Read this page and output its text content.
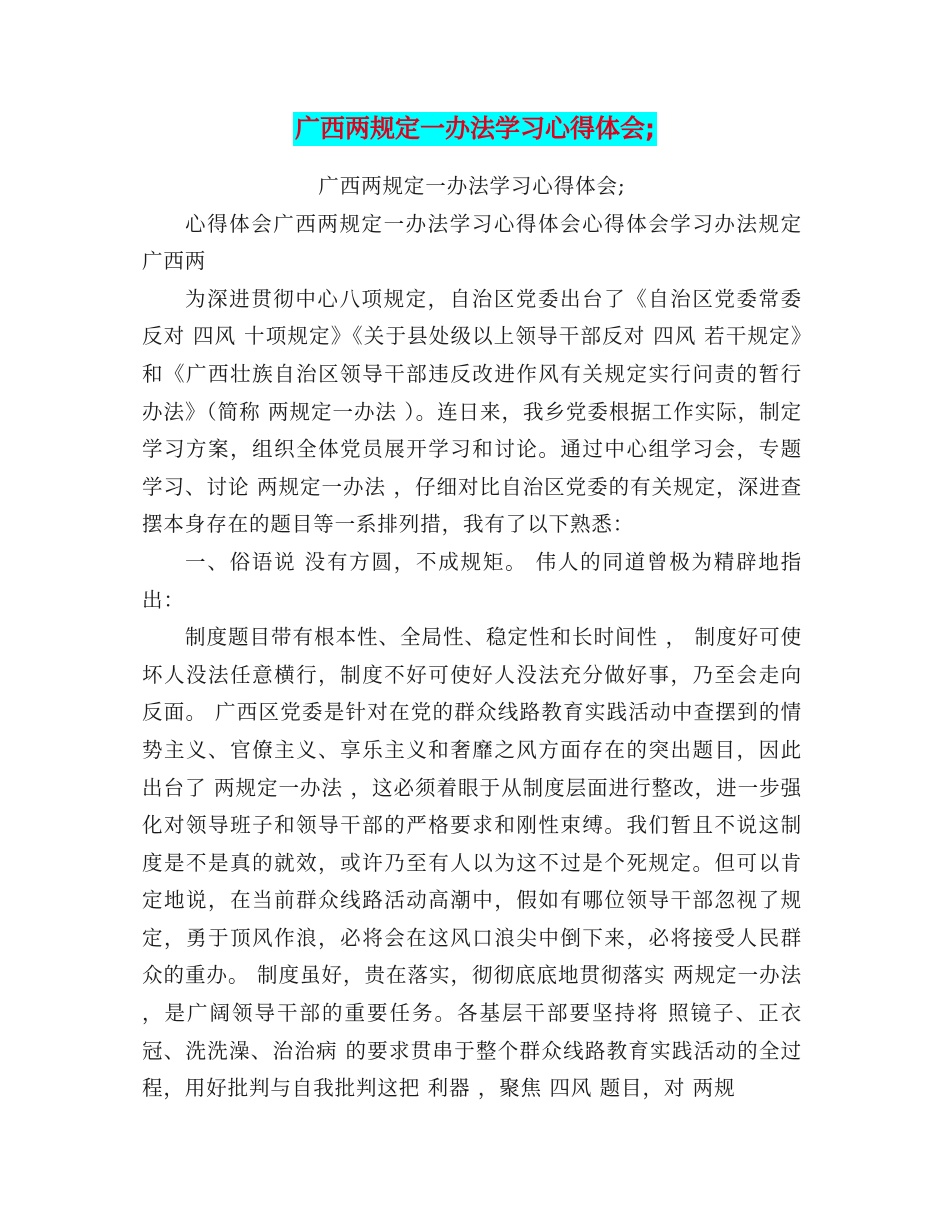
广西两规定一办法学习心得体会;

广西两规定一办法学习心得体会;

心得体会广西两规定一办法学习心得体会心得体会学习办法规定广西两

为深进贯彻中心八项规定，自治区党委出台了《自治区党委常委反对 四风 十项规定》《关于县处级以上领导干部反对 四风 若干规定》和《广西壮族自治区领导干部违反改进作风有关规定实行问责的暂行办法》（简称 两规定一办法 ）。连日来，我乡党委根据工作实际，制定学习方案，组织全体党员展开学习和讨论。通过中心组学习会，专题学习、讨论 两规定一办法 ，仔细对比自治区党委的有关规定，深进查摆本身存在的题目等一系排列措，我有了以下熟悉：

一、俗语说 没有方圆，不成规矩。 伟人的同道曾极为精辟地指出：

制度题目带有根本性、全局性、稳定性和长时间性 ， 制度好可使坏人没法任意横行，制度不好可使好人没法充分做好事，乃至会走向反面。 广西区党委是针对在党的群众线路教育实践活动中查摆到的情势主义、官僚主义、享乐主义和奢靡之风方面存在的突出题目，因此出台了 两规定一办法 ，这必须着眼于从制度层面进行整改，进一步强化对领导班子和领导干部的严格要求和刚性束缚。我们暂且不说这制度是不是真的就效，或许乃至有人以为这不过是个死规定。但可以肯定地说，在当前群众线路活动高潮中，假如有哪位领导干部忽视了规定，勇于顶风作浪，必将会在这风口浪尖中倒下来，必将接受人民群众的重办。 制度虽好，贵在落实，彻彻底底地贯彻落实 两规定一办法 ，是广阔领导干部的重要任务。各基层干部要坚持将 照镜子、正衣冠、洗洗澡、治治病 的要求贯串于整个群众线路教育实践活动的全过程，用好批判与自我批判这把 利器 ，聚焦 四风 题目，对 两规
